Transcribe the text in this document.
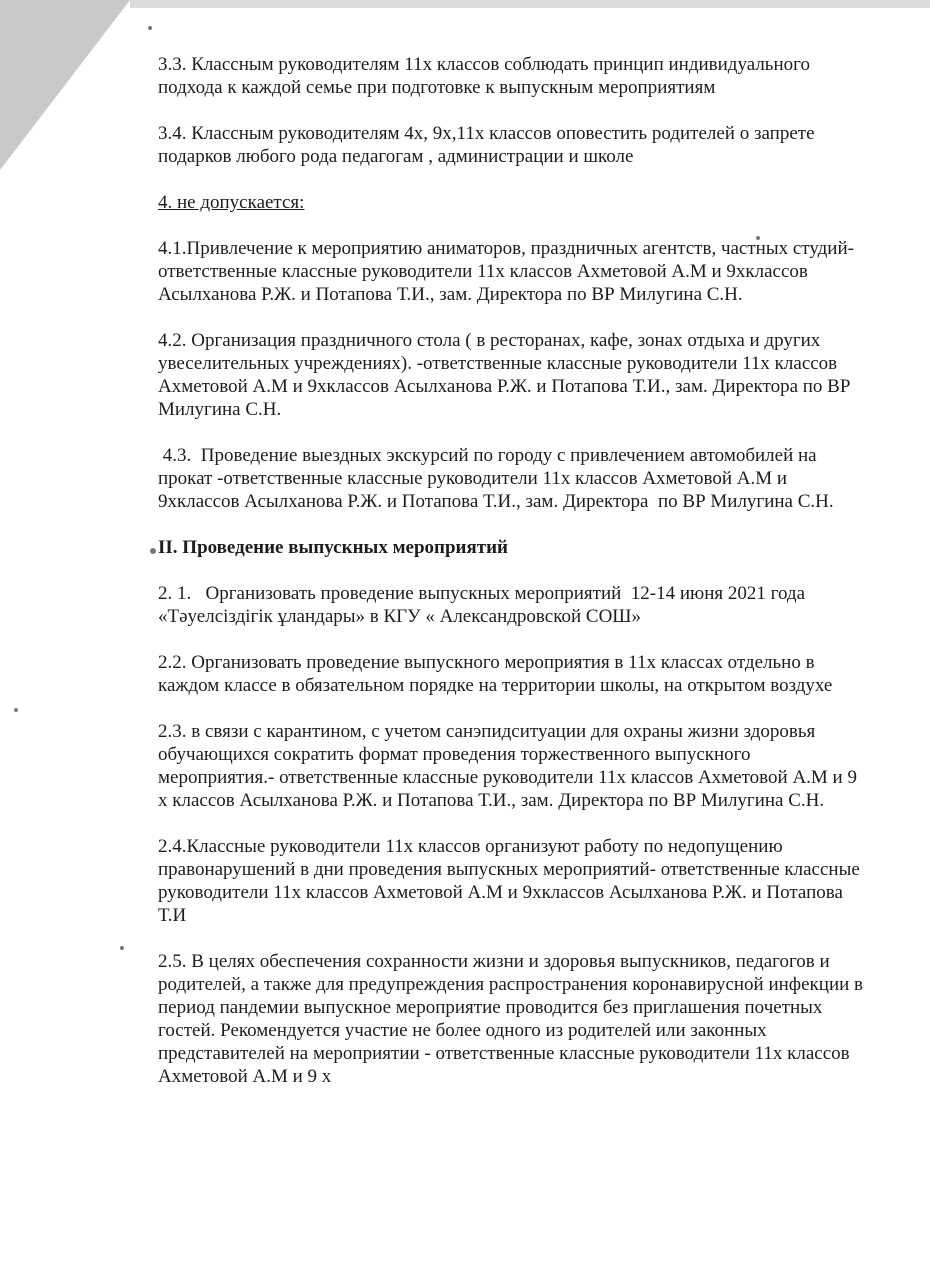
3.3. Классным руководителям 11х классов соблюдать принцип индивидуального подхода к каждой семье при подготовке к выпускным мероприятиям

3.4. Классным руководителям 4х, 9х,11х классов оповестить родителей о запрете подарков любого рода педагогам , администрации и школе

4. не допускается:

4.1.Привлечение к мероприятию аниматоров, праздничных агентств, частных студий- ответственные классные руководители 11х классов Ахметовой А.М и 9хклассов Асылханова Р.Ж. и Потапова Т.И., зам. Директора по ВР Милугина С.Н.

4.2. Организация праздничного стола ( в ресторанах, кафе, зонах отдыха и других увеселительных учреждениях). -ответственные классные руководители 11х классов Ахметовой А.М и 9хклассов Асылханова Р.Ж. и Потапова Т.И., зам. Директора по ВР Милугина С.Н.

4.3.  Проведение выездных экскурсий по городу с привлечением автомобилей на прокат -ответственные классные руководители 11х классов Ахметовой А.М и 9хклассов Асылханова Р.Ж. и Потапова Т.И., зам. Директора  по ВР Милугина С.Н.

II. Проведение выпускных мероприятий

2. 1.   Организовать проведение выпускных мероприятий  12-14 июня 2021 года «Тәуелсіздігік ұландары» в КГУ « Александровской СОШ»

2.2. Организовать проведение выпускного мероприятия в 11х классах отдельно в каждом классе в обязательном порядке на территории школы, на открытом воздухе

2.3. в связи с карантином, с учетом санэпидситуации для охраны жизни здоровья обучающихся сократить формат проведения торжественного выпускного мероприятия.- ответственные классные руководители 11х классов Ахметовой А.М и 9 х классов Асылханова Р.Ж. и Потапова Т.И., зам. Директора по ВР Милугина С.Н.

2.4.Классные руководители 11х классов организуют работу по недопущению правонарушений в дни проведения выпускных мероприятий- ответственные классные руководители 11х классов Ахметовой А.М и 9хклассов Асылханова Р.Ж. и Потапова Т.И

2.5. В целях обеспечения сохранности жизни и здоровья выпускников, педагогов и родителей, а также для предупреждения распространения коронавирусной инфекции в период пандемии выпускное мероприятие проводится без приглашения почетных гостей. Рекомендуется участие не более одного из родителей или законных представителей на мероприятии - ответственные классные руководители 11х классов Ахметовой А.М и 9 х
